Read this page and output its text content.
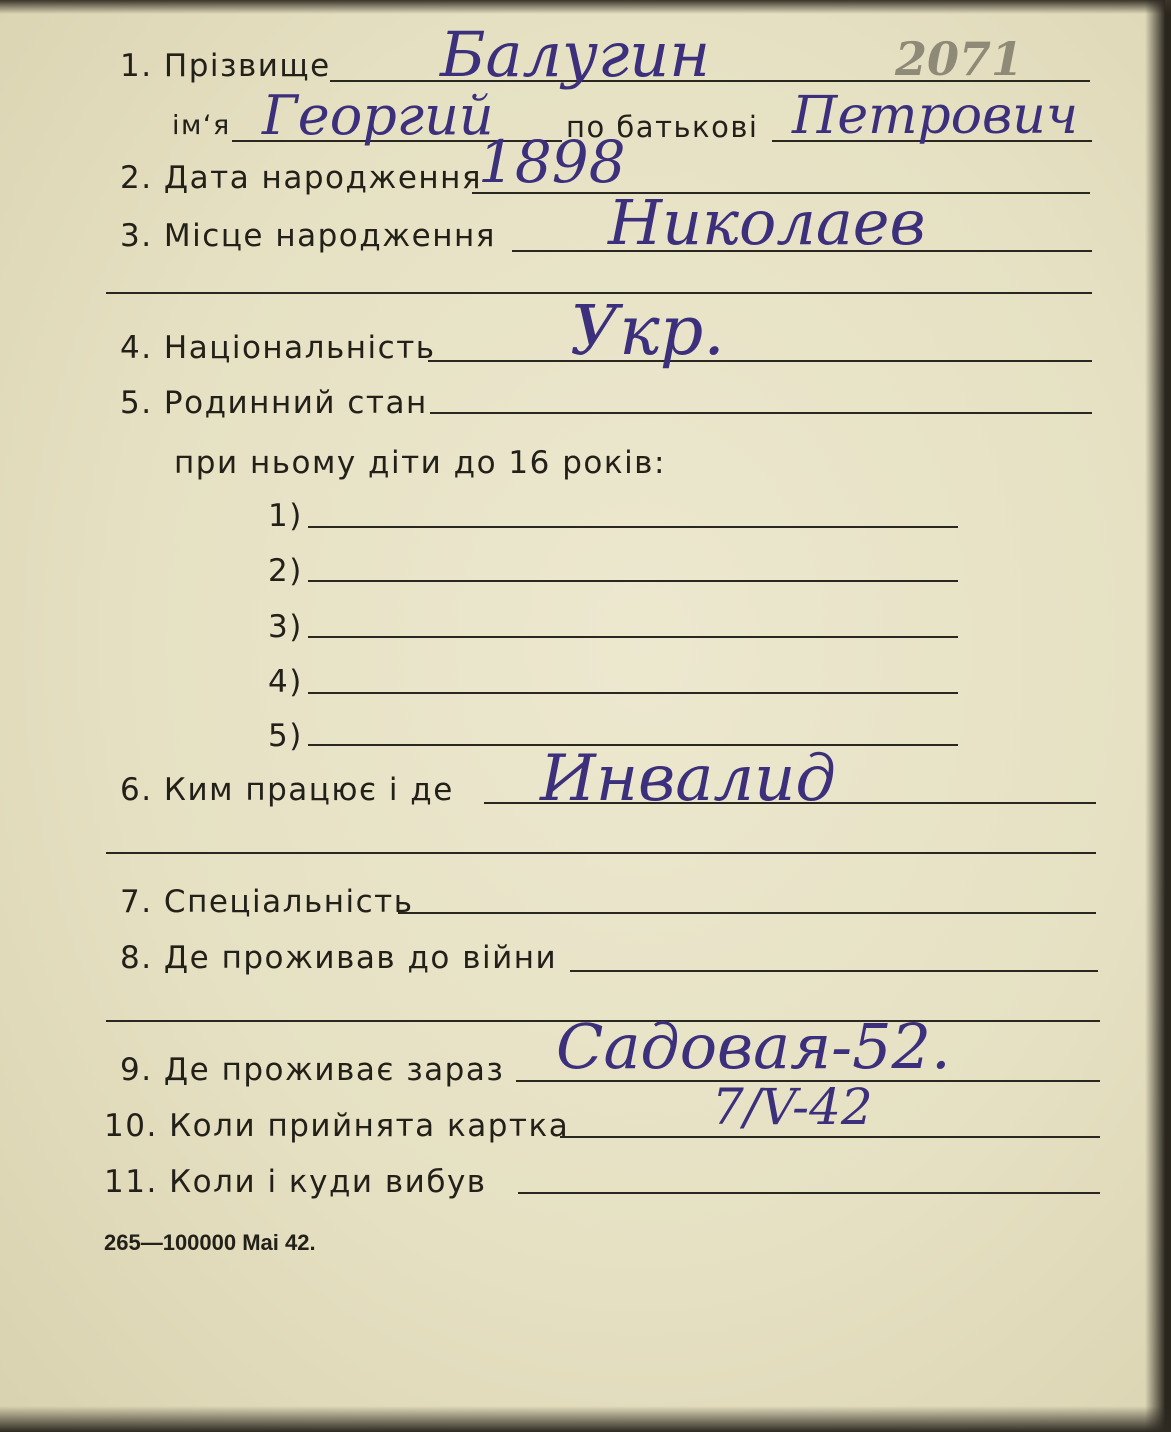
1. Прізвище Балугин	2071
ім‘я Георгий по батькові Петрович
2. Дата народження
1898
3. Місце народження Николаев
4. Національність Укр.
5. Родинний стан
при ньому діти до 16 років:
1)
2)
3)
4)
5)
6. Ким працює і де Инвалид
7. Спеціальність
8. Де проживав до війни
9. Де проживає зараз Садовая-52.
10. Коли прийнята картка	7/V-42
11. Коли і куди вибув
265—100000 Mai 42.
